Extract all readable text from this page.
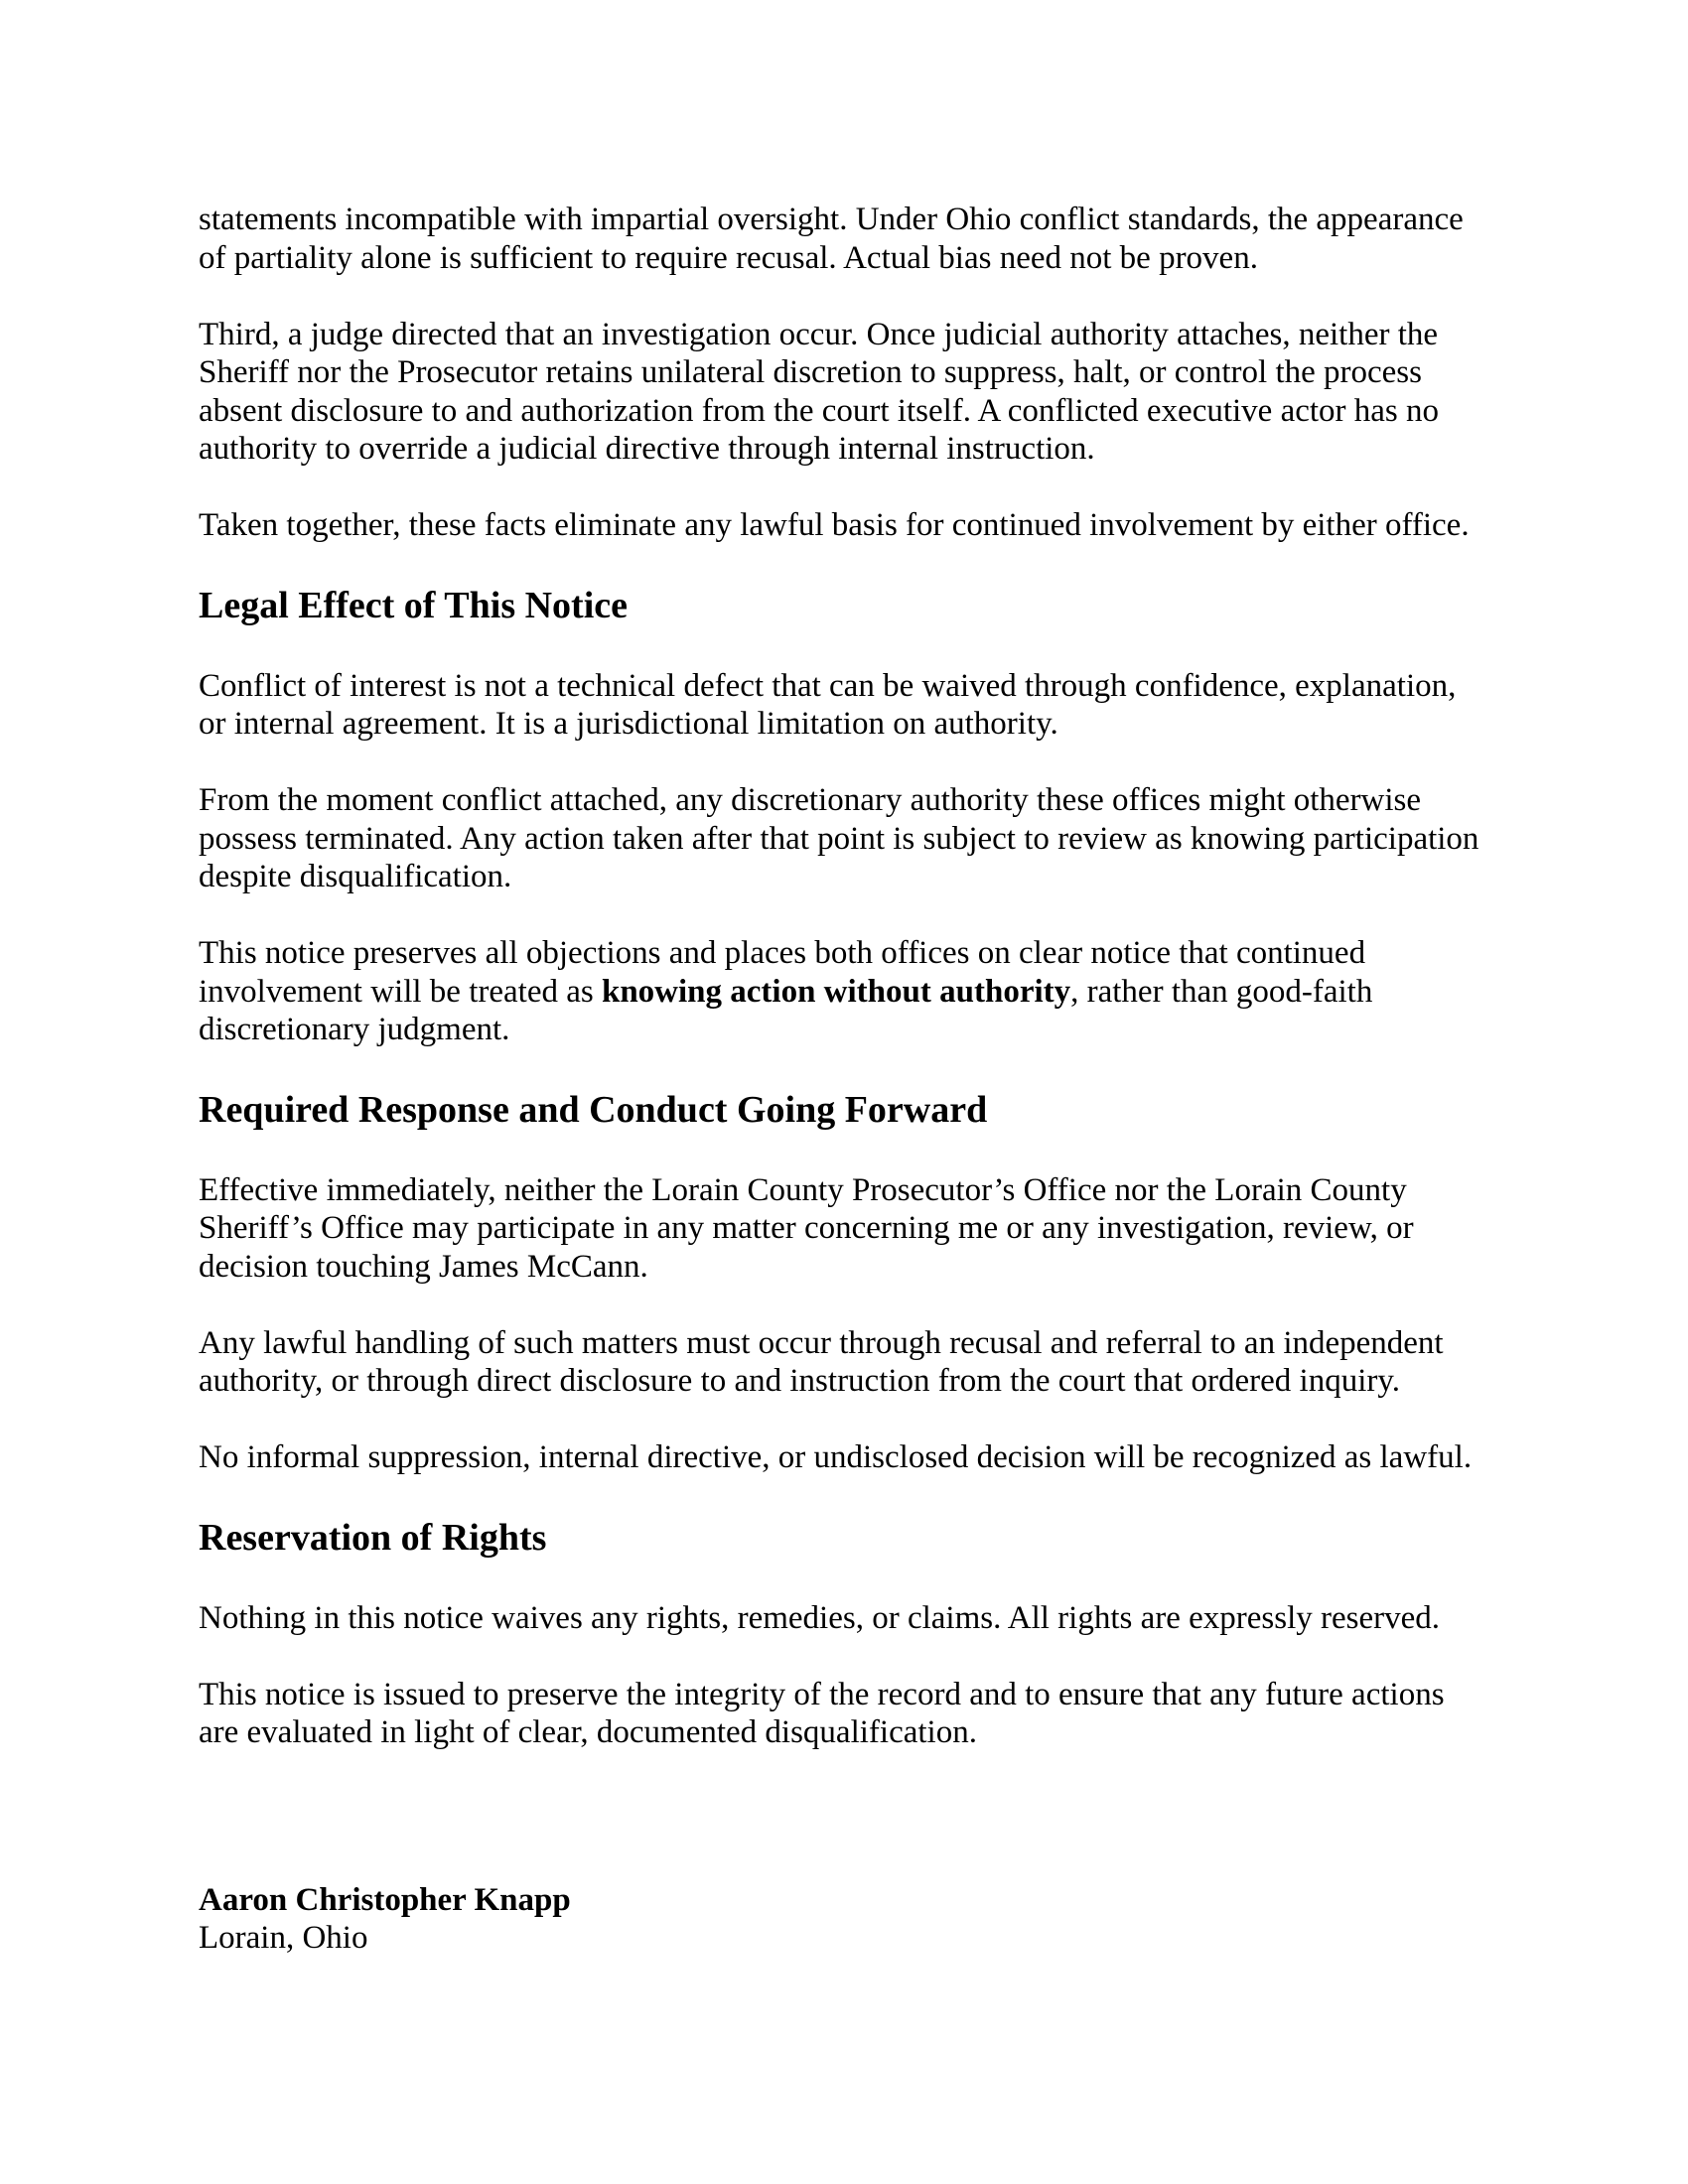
statements incompatible with impartial oversight. Under Ohio conflict standards, the appearance of partiality alone is sufficient to require recusal. Actual bias need not be proven.

Third, a judge directed that an investigation occur. Once judicial authority attaches, neither the Sheriff nor the Prosecutor retains unilateral discretion to suppress, halt, or control the process absent disclosure to and authorization from the court itself. A conflicted executive actor has no authority to override a judicial directive through internal instruction.

Taken together, these facts eliminate any lawful basis for continued involvement by either office.

Legal Effect of This Notice

Conflict of interest is not a technical defect that can be waived through confidence, explanation, or internal agreement. It is a jurisdictional limitation on authority.

From the moment conflict attached, any discretionary authority these offices might otherwise possess terminated. Any action taken after that point is subject to review as knowing participation despite disqualification.

This notice preserves all objections and places both offices on clear notice that continued involvement will be treated as knowing action without authority, rather than good-faith discretionary judgment.

Required Response and Conduct Going Forward

Effective immediately, neither the Lorain County Prosecutor’s Office nor the Lorain County Sheriff’s Office may participate in any matter concerning me or any investigation, review, or decision touching James McCann.

Any lawful handling of such matters must occur through recusal and referral to an independent authority, or through direct disclosure to and instruction from the court that ordered inquiry.

No informal suppression, internal directive, or undisclosed decision will be recognized as lawful.

Reservation of Rights

Nothing in this notice waives any rights, remedies, or claims. All rights are expressly reserved.

This notice is issued to preserve the integrity of the record and to ensure that any future actions are evaluated in light of clear, documented disqualification.

Aaron Christopher Knapp
Lorain, Ohio
